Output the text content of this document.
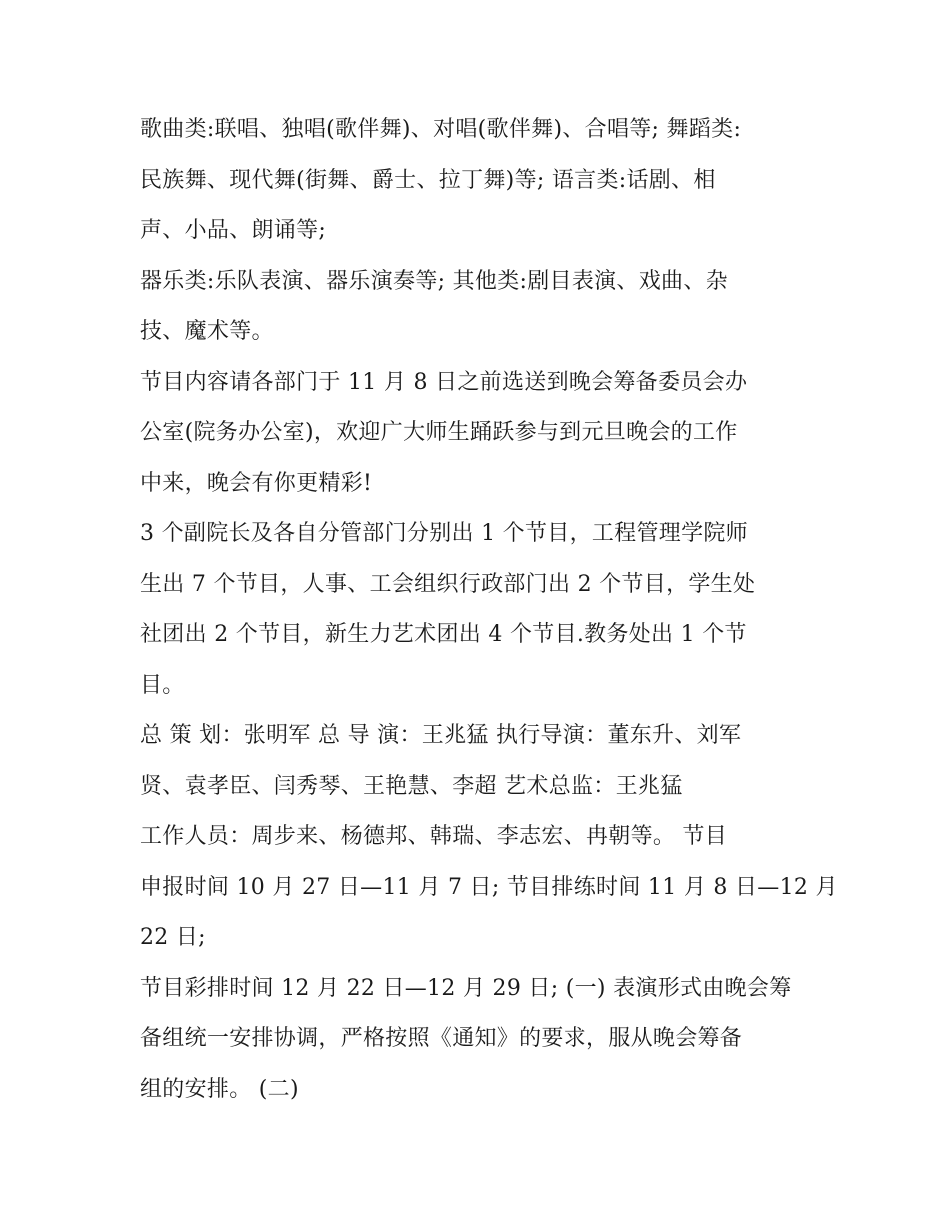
歌曲类:联唱、独唱(歌伴舞)、对唱(歌伴舞)、合唱等; 舞蹈类:
民族舞、现代舞(街舞、爵士、拉丁舞)等; 语言类:话剧、相
声、小品、朗诵等;
器乐类:乐队表演、器乐演奏等; 其他类:剧目表演、戏曲、杂
技、魔术等。
节目内容请各部门于 11 月 8 日之前选送到晚会筹备委员会办
公室(院务办公室)，欢迎广大师生踊跃参与到元旦晚会的工作
中来，晚会有你更精彩!
3 个副院长及各自分管部门分别出 1 个节目，工程管理学院师
生出 7 个节目，人事、工会组织行政部门出 2 个节目，学生处
社团出 2 个节目，新生力艺术团出 4 个节目.教务处出 1 个节
目。
总 策 划：张明军 总 导 演：王兆猛 执行导演：董东升、刘军
贤、袁孝臣、闫秀琴、王艳慧、李超 艺术总监：王兆猛
工作人员：周步来、杨德邦、韩瑞、李志宏、冉朝等。 节目
申报时间 10 月 27 日—11 月 7 日; 节目排练时间 11 月 8 日—12 月
22 日;
节目彩排时间 12 月 22 日—12 月 29 日; (一) 表演形式由晚会筹
备组统一安排协调，严格按照《通知》的要求，服从晚会筹备
组的安排。 (二)
